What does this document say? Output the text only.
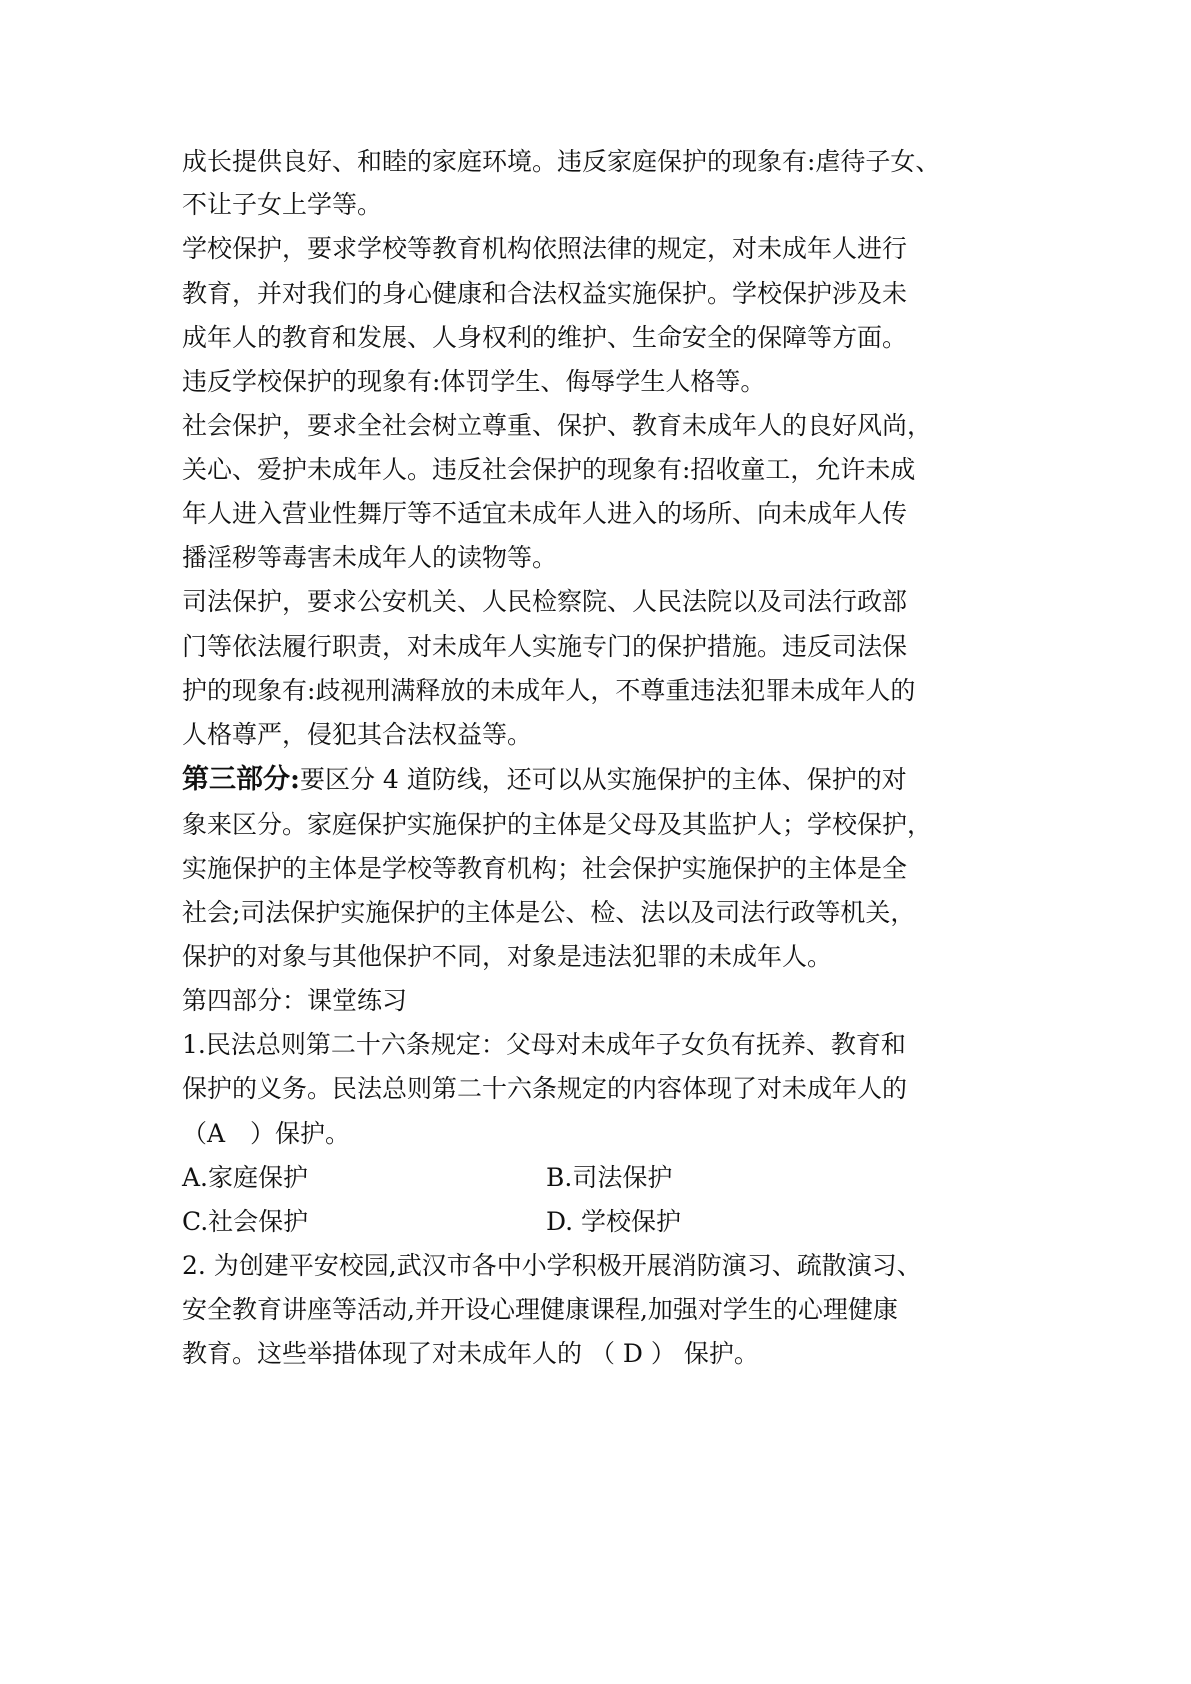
成长提供良好、和睦的家庭环境。违反家庭保护的现象有:虐待子女、
不让子女上学等。
学校保护，要求学校等教育机构依照法律的规定，对未成年人进行
教育，并对我们的身心健康和合法权益实施保护。学校保护涉及未
成年人的教育和发展、人身权利的维护、生命安全的保障等方面。
违反学校保护的现象有:体罚学生、侮辱学生人格等。
社会保护，要求全社会树立尊重、保护、教育未成年人的良好风尚，
关心、爱护未成年人。违反社会保护的现象有:招收童工，允许未成
年人进入营业性舞厅等不适宜未成年人进入的场所、向未成年人传
播淫秽等毒害未成年人的读物等。
司法保护，要求公安机关、人民检察院、人民法院以及司法行政部
门等依法履行职责，对未成年人实施专门的保护措施。违反司法保
护的现象有:歧视刑满释放的未成年人，不尊重违法犯罪未成年人的
人格尊严，侵犯其合法权益等。
第三部分:要区分 4 道防线，还可以从实施保护的主体、保护的对
象来区分。家庭保护实施保护的主体是父母及其监护人；学校保护，
实施保护的主体是学校等教育机构；社会保护实施保护的主体是全
社会;司法保护实施保护的主体是公、检、法以及司法行政等机关，
保护的对象与其他保护不同，对象是违法犯罪的未成年人。
第四部分：课堂练习
1.民法总则第二十六条规定：父母对未成年子女负有抚养、教育和
保护的义务。民法总则第二十六条规定的内容体现了对未成年人的
（A　）保护。
A.家庭保护	B.司法保护
C.社会保护	D. 学校保护
2. 为创建平安校园,武汉市各中小学积极开展消防演习、疏散演习、
安全教育讲座等活动,并开设心理健康课程,加强对学生的心理健康
教育。这些举措体现了对未成年人的 （ D ） 保护。
